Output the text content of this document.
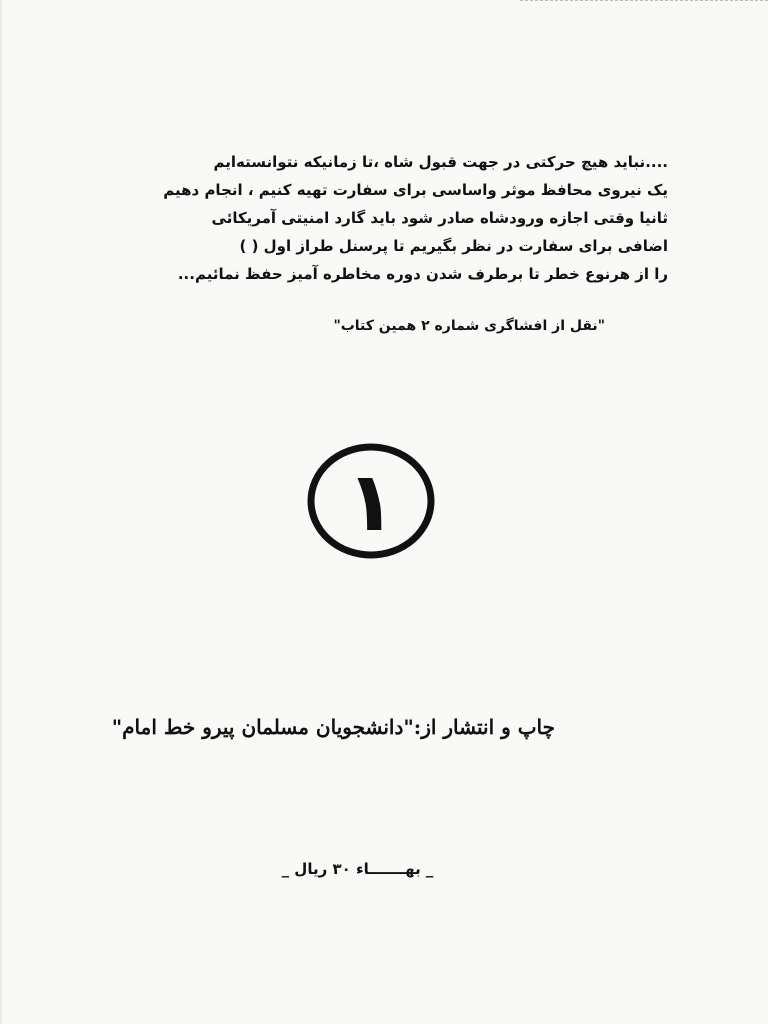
....نباید هیچ حرکتی در جهت قبول شاه ،تا زمانیکه نتوانسته‌ایم
یک نیروی محافظ موثر واساسی برای سفارت تهیه کنیم ، انجام دهیم
ثانیا وقتی اجازه ورودشاه صادر شود باید گارد امنیتی آمریکائی
اضافی برای سفارت در نظر بگیریم تا پرسنل طراز اول ( )
را از هرنوع خطر تا برطرف شدن دوره مخاطره آمیز حفظ نمائیم...
"نقل از افشاگری شماره ۲ همین کتاب"
۱
چاپ و انتشار از:"دانشجویان مسلمان پیرو خط امام"
_ بهـــــــاء ۳۰ ریال _
